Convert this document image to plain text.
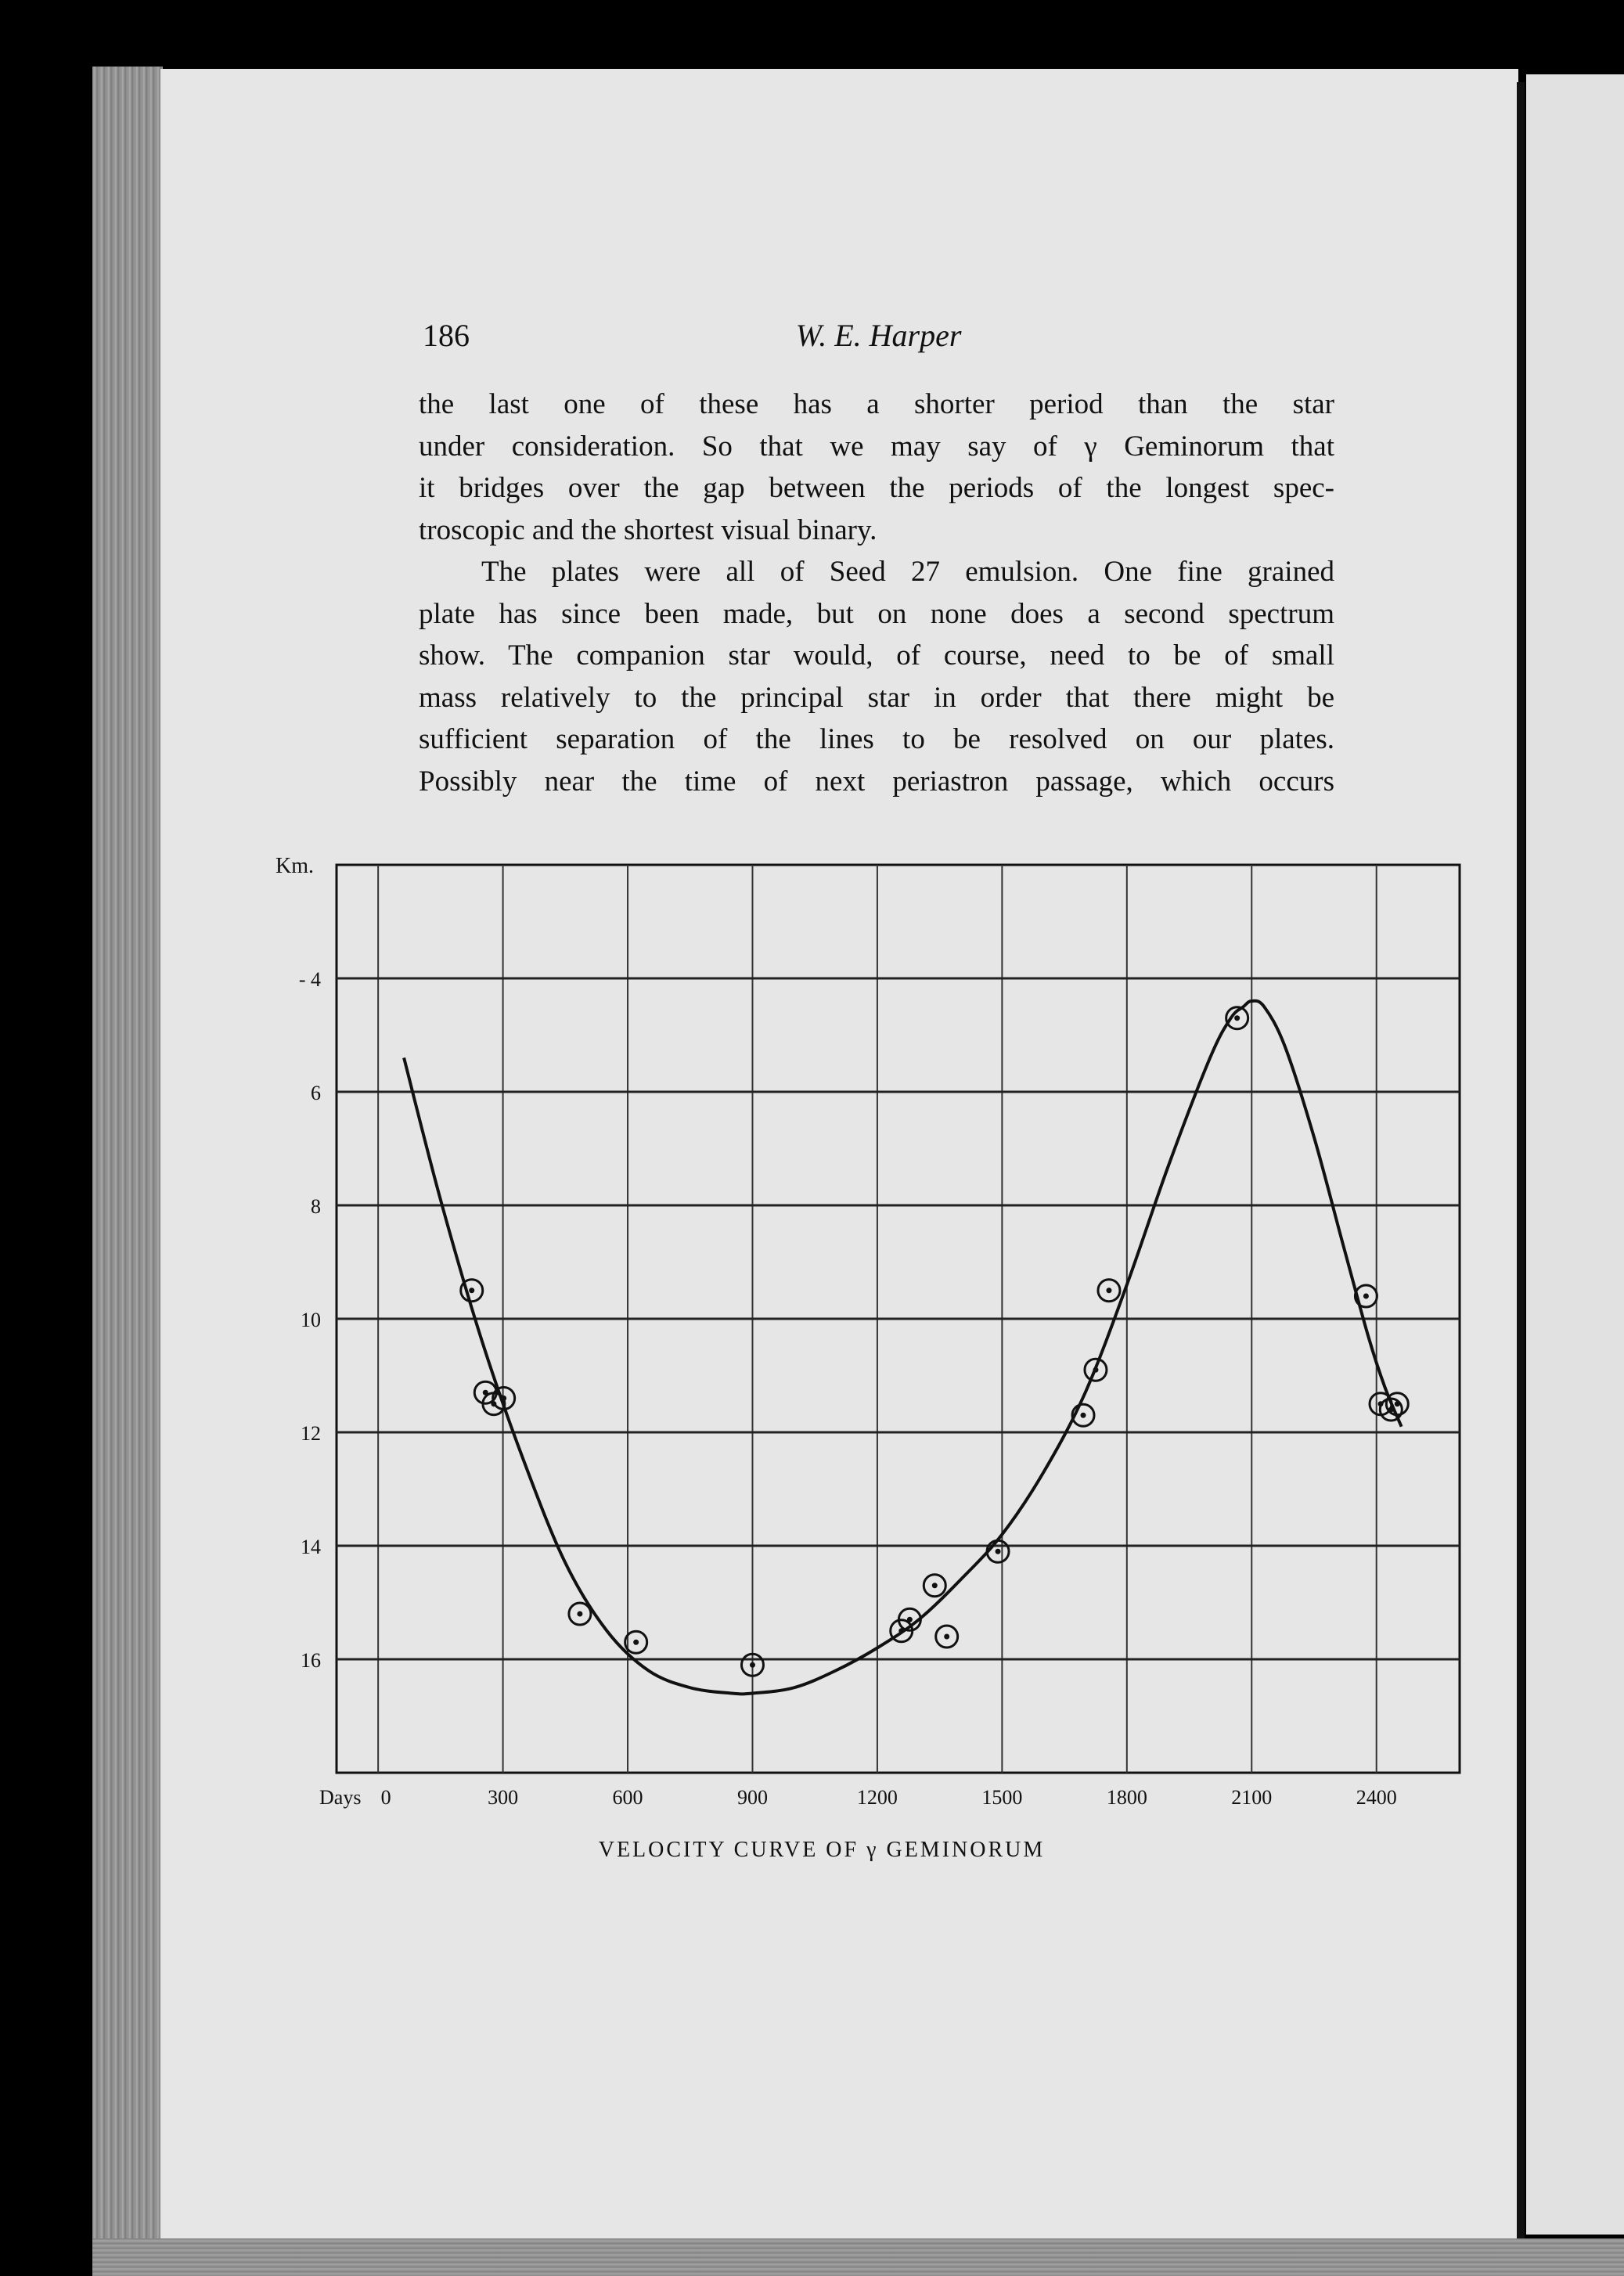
186	W. E. Harper
the last one of these has a shorter period than the star
under consideration. So that we may say of γ Geminorum that
it bridges over the gap between the periods of the longest spec-
troscopic and the shortest visual binary.
The plates were all of Seed 27 emulsion. One fine grained
plate has since been made, but on none does a second spectrum
show. The companion star would, of course, need to be of small
mass relatively to the principal star in order that there might be
sufficient separation of the lines to be resolved on our plates.
Possibly near the time of next periastron passage, which occurs
Km.
- 4
6
8
10
12
14
16
Days 0	300	600	900	1200	1500	1800	2100	2400
VELOCITY CURVE OF γ GEMINORUM
